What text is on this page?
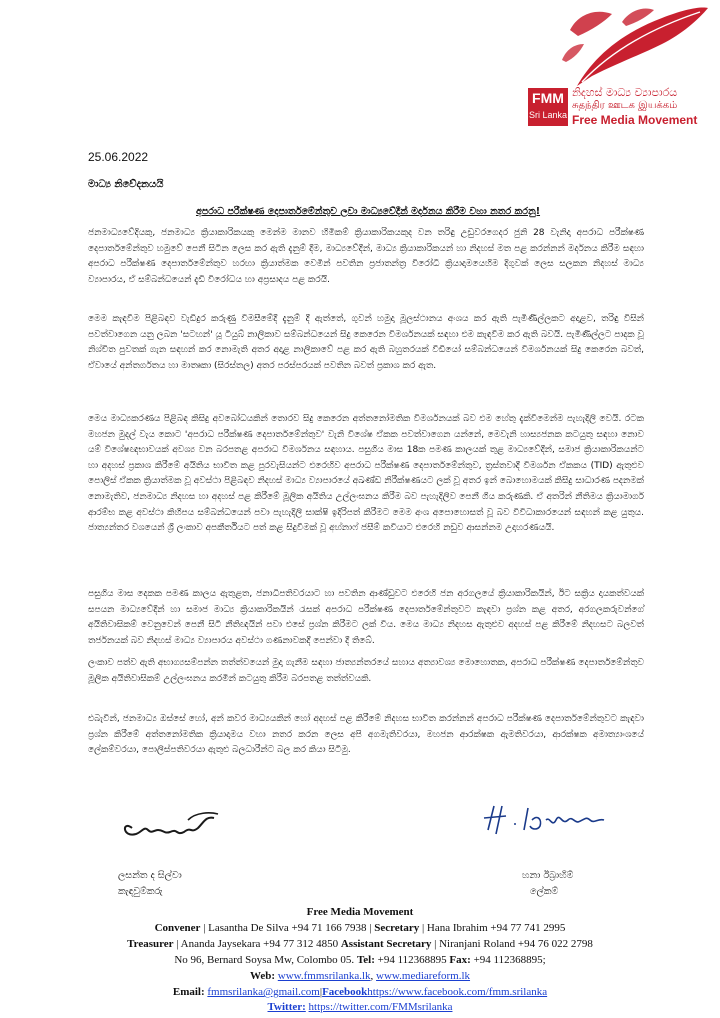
FMM
Sri Lanka
නිදහස් මාධ්‍ය ව්‍යාපාරය
சுதந்திர ஊடக இயக்கம்
Free Media Movement
25.06.2022
මාධ්‍ය නිවේදනයයි
අපරාධ පරීක්ෂණ දෙපාර්තමේන්තුව ලවා මාධ්‍යවේදීන් මර්දනය කිරීම වහා නතර කරනු!
ජනමාධ්‍යවේදියකු, ජනමාධ්‍ය ක්‍රියාකාරිකයකු මෙන්ම මානව හිමිකම් ක්‍රියාකාරිකයකුද වන තරිඳු උඩුවරගෙදර ජුනි 28 වැනිදා අපරාධ පරීක්ෂණ දෙපාර්තමේන්තුව හමුවේ පෙනී සිටින ලෙස කර ඇති දැනුම් දීම, මාධ්‍යවේදීන්, මාධ්‍ය ක්‍රියාකාරිකයන් හා නිදහස් මත පළ කරන්නන් මර්දනය කිරීම සඳහා අපරාධ පරීක්ෂණ දෙපාර්තමේන්තුව හරහා ක්‍රියාත්මක වෙමින් පවතින ප්‍රජාතන්ත්‍ර විරෝධී ක්‍රියාදාමයෙහිම දිගුවක් ලෙස සලකන නිදහස් මාධ්‍ය ව්‍යාපාරය, ඒ සම්බන්ධයෙන් දැඩි විරෝධය හා අප්‍රසාදය පළ කරයි.
මෙම කැඳවීම පිළිබඳව වැඩිදුර කරුණු විමසීමේදී දැනුම් දී ඇත්තේ, ගුවන් හමුදා මූලස්ථානය අංශය කර ඇති පැමිණිල්ලකට අදාළව, තරිඳු විසින් පවත්වාගෙන යනු ලබන 'සටහන්' යූ ටියුබ් නාලිකාව සම්බන්ධයෙන් සිදු කෙරෙන විමර්ශනයක් සඳහා එම කැඳවීම කර ඇති බවයි. පැමිණිල්ලට පාදක වූ නිශ්චිත පුවතක් ගැන සඳහන් කර නොමැති අතර අදාළ නාලිකාවේ පළ කර ඇති බහුතරයක් වීඩියෝ සම්බන්ධයෙන් විමර්ශනයක් සිදු කෙරෙන බවත්, ඒවායේ අන්තර්ගතය හා මාතෘකා (සිරස්තල) අතර පරස්පරයක් පවතින බවත් ප්‍රකාශ කර ඇත.
මෙය මාධ්‍යකරණය පිළිබඳ කිසිදු අවබෝධයකින් තොරව සිදු කෙරෙන අත්තනෝමතික විමර්ශනයක් බව එම හේතු දැක්වීමෙන්ම පැහැදිලි වෙයි. රටක මහජන මුදල් වැය කොට 'අපරාධ පරීක්ෂණ දෙපාර්තමේන්තුව' වැනි විශේෂ ඒකක පවත්වාගෙන යන්නේ, මෙවැනි හාස්‍යජනක කටයුතු සඳහා නොව යම් විශේෂඥභාවයක් අවශ්‍ය වන බරපතළ අපරාධ විමර්ශනය සඳහාය. පසුගිය මාස 18ක පමණ කාලයක් තුළ මාධ්‍යවේදීන්, සමාජ ක්‍රියාකාරිකයන්ට හා අදහස් ප්‍රකාශ කිරීමේ අයිතිය භාවිත කළ පුරවැසියන්ට එරෙහිව අපරාධ පරීක්ෂණ දෙපාර්තමේන්තුව, ත්‍රස්තවාදී විමර්ශන ඒකකය (TID) ඇතුළුව පොලිස් ඒකක ක්‍රියාත්මක වූ අවස්ථා පිළිබඳව නිදහස් මාධ්‍ය ව්‍යාපාරයේ අඛණ්ඩ නිරීක්ෂණයට ලක් වූ අතර ඉන් බොහොමයක් කිසිදු සාධාරණ පදනමක් නොමැතිව, ජනමාධ්‍ය නිදහස හා අදහස් පළ කිරීමේ මූලික අයිතිය උල්ලංඝනය කිරීම බව පැහැදිලිව පෙනී ගිය කරුණකි. ඒ අතරින් නීතිමය ක්‍රියාමාර්ග ආරම්භ කළ අවස්ථා කිහිපය සම්බන්ධයෙන් පවා පැහැදිලි සාක්ෂි ඉදිරිපත් කිරීමට මෙම අංශ අපොහොසත් වූ බව විවිධාකාරයෙන් සඳහන් කළ යුතුය. ජාත්‍යන්තර වශයෙන් ශ්‍රී ලංකාව අපකීර්තියට පත් කළ සිදුවීමක් වූ අහ්නාෆ් ජසීම් කවියාට එරෙහි නඩුව ආසන්නම උදාහරණයයි.
පසුගිය මාස දෙකක පමණ කාලය ඇතුළත, ජනාධිපතිවරයාට හා පවතින ආණ්ඩුවට එරෙහි ජන අරගලයේ ක්‍රියාකාරිකයින්, ඊට සක්‍රිය දායකත්වයක් සපයන මාධ්‍යවේදීන් හා සමාජ මාධ්‍ය ක්‍රියාකාරිකයින් රැසක් අපරාධ පරීක්ෂණ දෙපාර්තමේන්තුවට කැඳවා ප්‍රශ්න කළ අතර, අරගලකරුවන්ගේ අයිතිවාසිකම් වෙනුවෙන් පෙනී සිටි නීතිඥයින් පවා එසේ ප්‍රශ්න කිරීමට ලක් විය. මෙය මාධ්‍ය නිදහස ඇතුළුව අදහස් පළ කිරීමේ නිදහසට බලවත් තර්ජනයක් බව නිදහස් මාධ්‍ය ව්‍යාපාරය අවස්ථා ගණනාවකදී පෙන්වා දී තිබේ.
ලංකාව පත්ව ඇති අභාග්‍යසම්පන්න තත්ත්වයෙන් මුදා ගැනීම සඳහා ජාත්‍යන්තරයේ සහාය අත්‍යාවශ්‍ය මොහොතක, අපරාධ පරීක්ෂණ දෙපාර්තමේන්තුව මූලික අයිතිවාසිකම් උල්ලංඝනය කරමින් කටයුතු කිරීම බරපතළ තත්ත්වයකි.
එබැවින්, ජනමාධ්‍ය ඔස්සේ හෝ, අන් කවර මාධ්‍යයකින් හෝ අදහස් පළ කිරීමේ නිදහස භාවිත කරන්නන් අපරාධ පරීක්ෂණ දෙපාර්තමේන්තුවට කැඳවා ප්‍රශ්න කිරීමේ අත්තනෝමතික ක්‍රියාදාමය වහා නතර කරන ලෙස අපි අගමැතිවරයා, මහජන ආරක්ෂක ඇමතිවරයා, ආරක්ෂක අමාත්‍යාංශයේ ලේකම්වරයා, පොලිස්පතිවරයා ඇතුළු බලධාරීන්ට බල කර කියා සිටිමු.
ලසන්ත ද සිල්වා
කැඳවුම්කරු
හනා ඊබ්‍රාහිම්
ලේකම්
Free Media Movement
Convener | Lasantha De Silva +94 71 166 7938 | Secretary | Hana Ibrahim +94 77 741 2995
Treasurer | Ananda Jaysekara +94 77 312 4850 Assistant Secretary | Niranjani Roland +94 76 022 2798
No 96, Bernard Soysa Mw, Colombo 05. Tel: +94 112368895 Fax: +94 112368895;
Web: www.fmmsrilanka.lk, www.mediareform.lk
Email: fmmsrilanka@gmail.com|Facebookhttps://www.facebook.com/fmm.srilanka
Twitter: https://twitter.com/FMMsrilanka
